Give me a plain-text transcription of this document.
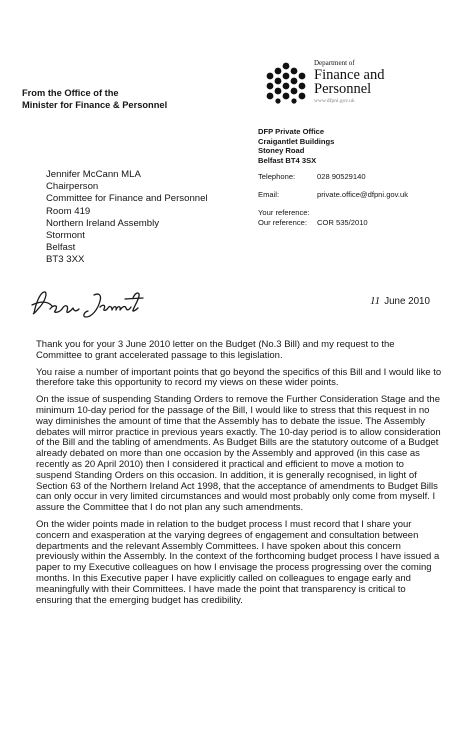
From the Office of the
Minister for Finance & Personnel
Department of
Finance and
Personnel
www.dfpni.gov.uk
DFP Private Office
Craigantlet Buildings
Stoney Road
Belfast BT4 3SX
Jennifer McCann MLA
Chairperson
Committee for Finance and Personnel
Room 419
Northern Ireland Assembly
Stormont
Belfast
BT3 3XX
Telephone:	028 90529140
Email:	private.office@dfpni.gov.uk
Your reference:
Our reference: COR 535/2010
11 June 2010

Thank you for your 3 June 2010 letter on the Budget (No.3 Bill) and my request to the Committee to grant accelerated passage to this legislation.

You raise a number of important points that go beyond the specifics of this Bill and I would like to therefore take this opportunity to record my views on these wider points.

On the issue of suspending Standing Orders to remove the Further Consideration Stage and the minimum 10-day period for the passage of the Bill, I would like to stress that this request in no way diminishes the amount of time that the Assembly has to debate the issue. The Assembly debates will mirror practice in previous years exactly. The 10-day period is to allow consideration of the Bill and the tabling of amendments. As Budget Bills are the statutory outcome of a Budget already debated on more than one occasion by the Assembly and approved (in this case as recently as 20 April 2010) then I considered it practical and efficient to move a motion to suspend Standing Orders on this occasion. In addition, it is generally recognised, in light of Section 63 of the Northern Ireland Act 1998, that the acceptance of amendments to Budget Bills can only occur in very limited circumstances and would most probably only come from myself. I assure the Committee that I do not plan any such amendments.

On the wider points made in relation to the budget process I must record that I share your concern and exasperation at the varying degrees of engagement and consultation between departments and the relevant Assembly Committees. I have spoken about this concern previously within the Assembly. In the context of the forthcoming budget process I have issued a paper to my Executive colleagues on how I envisage the process progressing over the coming months. In this Executive paper I have explicitly called on colleagues to engage early and meaningfully with their Committees. I have made the point that transparency is critical to ensuring that the emerging budget has credibility.
